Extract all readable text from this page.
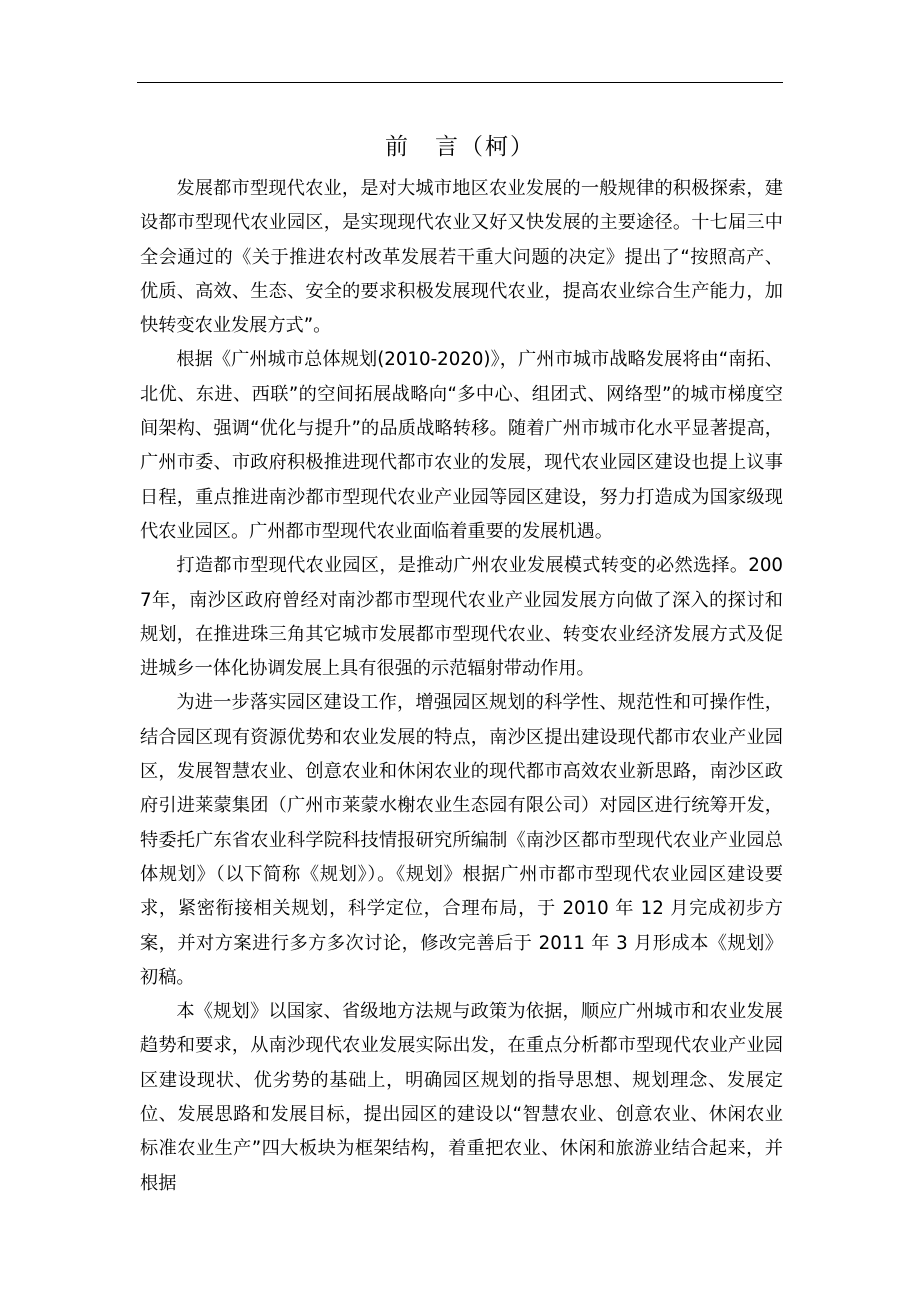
前　言（柯）

发展都市型现代农业，是对大城市地区农业发展的一般规律的积极探索，建设都市型现代农业园区，是实现现代农业又好又快发展的主要途径。十七届三中全会通过的《关于推进农村改革发展若干重大问题的决定》提出了“按照高产、优质、高效、生态、安全的要求积极发展现代农业，提高农业综合生产能力，加快转变农业发展方式”。

根据《广州城市总体规划(2010-2020)》，广州市城市战略发展将由“南拓、北优、东进、西联”的空间拓展战略向“多中心、组团式、网络型”的城市梯度空间架构、强调“优化与提升”的品质战略转移。随着广州市城市化水平显著提高，广州市委、市政府积极推进现代都市农业的发展，现代农业园区建设也提上议事日程，重点推进南沙都市型现代农业产业园等园区建设，努力打造成为国家级现代农业园区。广州都市型现代农业面临着重要的发展机遇。

打造都市型现代农业园区，是推动广州农业发展模式转变的必然选择。2007年，南沙区政府曾经对南沙都市型现代农业产业园发展方向做了深入的探讨和规划，在推进珠三角其它城市发展都市型现代农业、转变农业经济发展方式及促进城乡一体化协调发展上具有很强的示范辐射带动作用。

为进一步落实园区建设工作，增强园区规划的科学性、规范性和可操作性，结合园区现有资源优势和农业发展的特点，南沙区提出建设现代都市农业产业园区，发展智慧农业、创意农业和休闲农业的现代都市高效农业新思路，南沙区政府引进莱蒙集团（广州市莱蒙水榭农业生态园有限公司）对园区进行统筹开发，特委托广东省农业科学院科技情报研究所编制《南沙区都市型现代农业产业园总体规划》（以下简称《规划》）。《规划》根据广州市都市型现代农业园区建设要求，紧密衔接相关规划，科学定位，合理布局，于 2010 年 12 月完成初步方案，并对方案进行多方多次讨论，修改完善后于 2011 年 3 月形成本《规划》初稿。

本《规划》以国家、省级地方法规与政策为依据，顺应广州城市和农业发展趋势和要求，从南沙现代农业发展实际出发，在重点分析都市型现代农业产业园区建设现状、优劣势的基础上，明确园区规划的指导思想、规划理念、发展定位、发展思路和发展目标，提出园区的建设以“智慧农业、创意农业、休闲农业标准农业生产”四大板块为框架结构，着重把农业、休闲和旅游业结合起来，并根据
